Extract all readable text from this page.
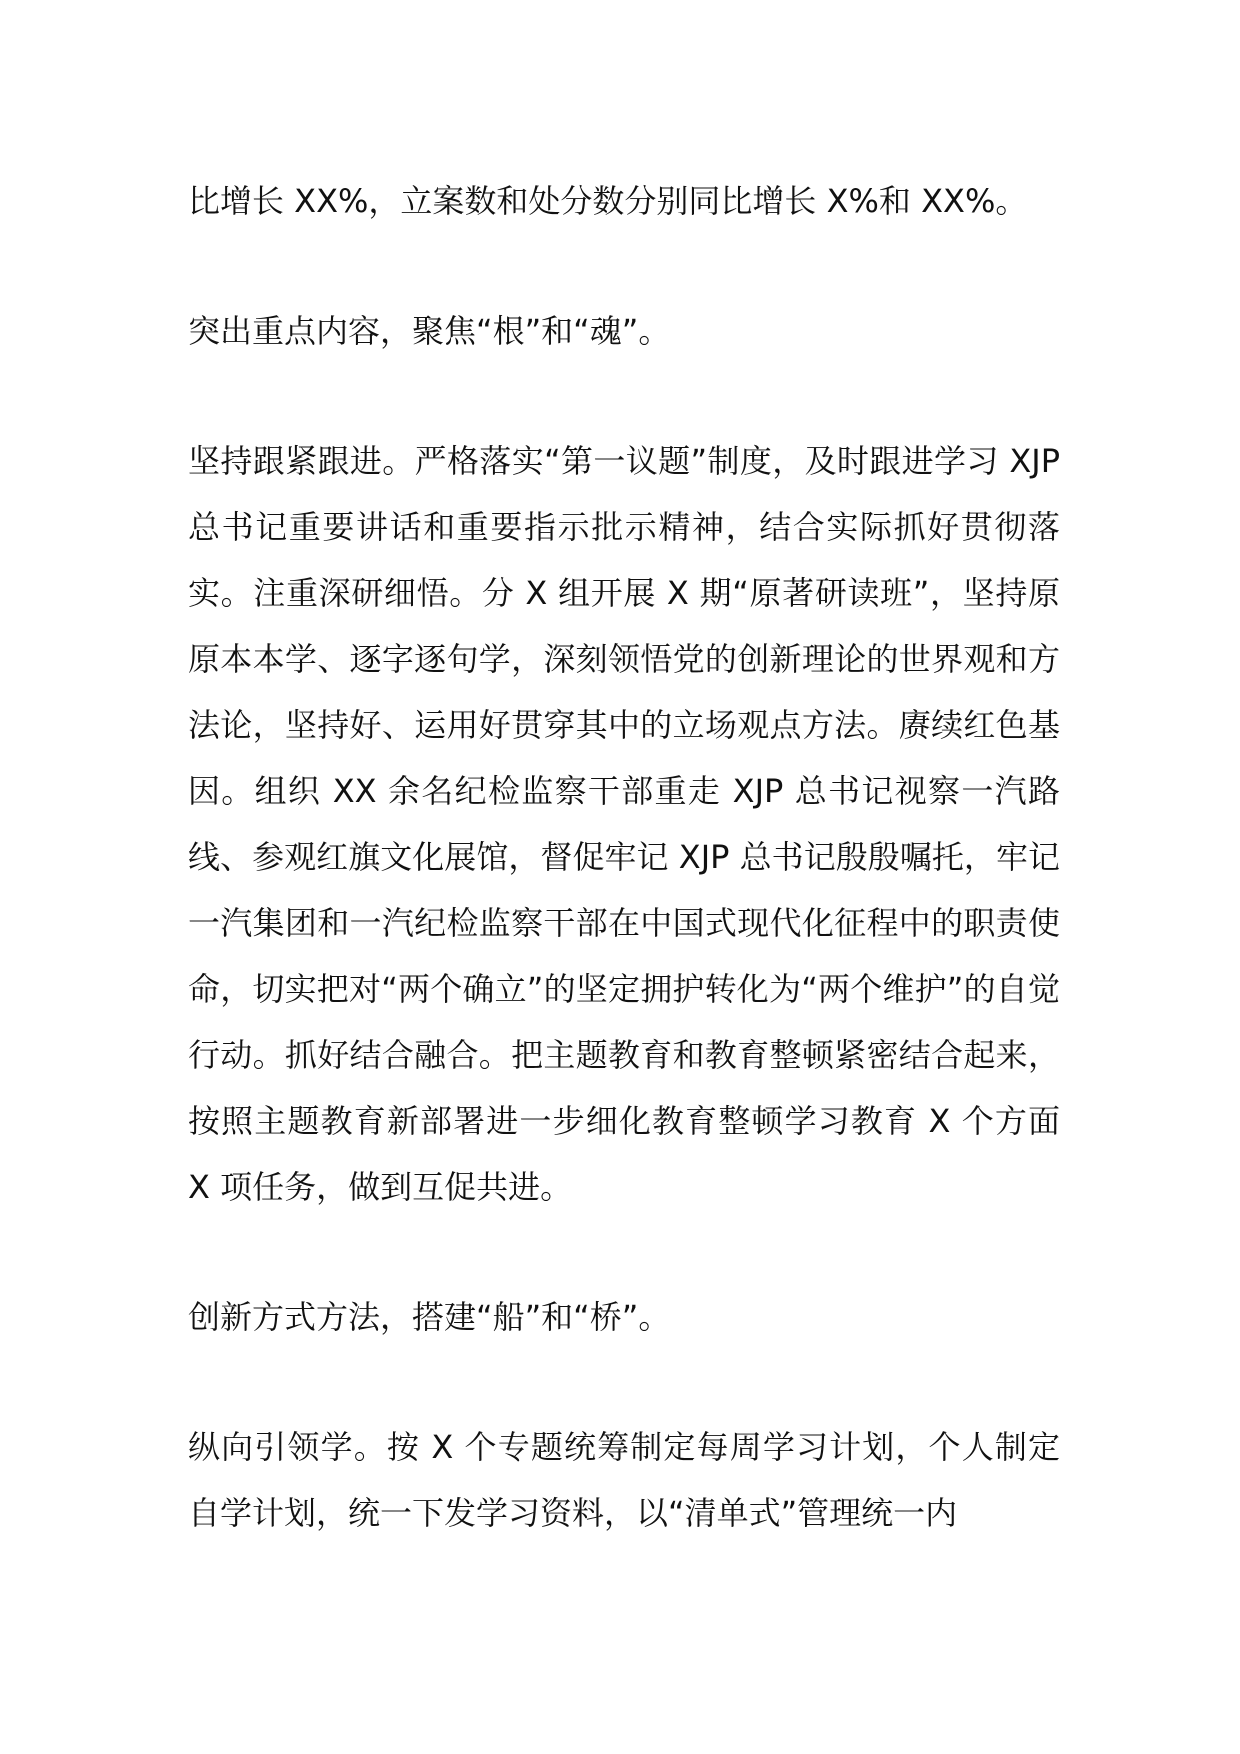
比增长 XX%，立案数和处分数分别同比增长 X%和 XX%。

突出重点内容，聚焦“根”和“魂”。

坚持跟紧跟进。严格落实“第一议题”制度，及时跟进学习 XJP 总书记重要讲话和重要指示批示精神，结合实际抓好贯彻落实。注重深研细悟。分 X 组开展 X 期“原著研读班”，坚持原原本本学、逐字逐句学，深刻领悟党的创新理论的世界观和方法论，坚持好、运用好贯穿其中的立场观点方法。赓续红色基因。组织 XX 余名纪检监察干部重走 XJP 总书记视察一汽路线、参观红旗文化展馆，督促牢记 XJP 总书记殷殷嘱托，牢记一汽集团和一汽纪检监察干部在中国式现代化征程中的职责使命，切实把对“两个确立”的坚定拥护转化为“两个维护”的自觉行动。抓好结合融合。把主题教育和教育整顿紧密结合起来，按照主题教育新部署进一步细化教育整顿学习教育 X 个方面 X 项任务，做到互促共进。

创新方式方法，搭建“船”和“桥”。

纵向引领学。按 X 个专题统筹制定每周学习计划，个人制定自学计划，统一下发学习资料，以“清单式”管理统一内
